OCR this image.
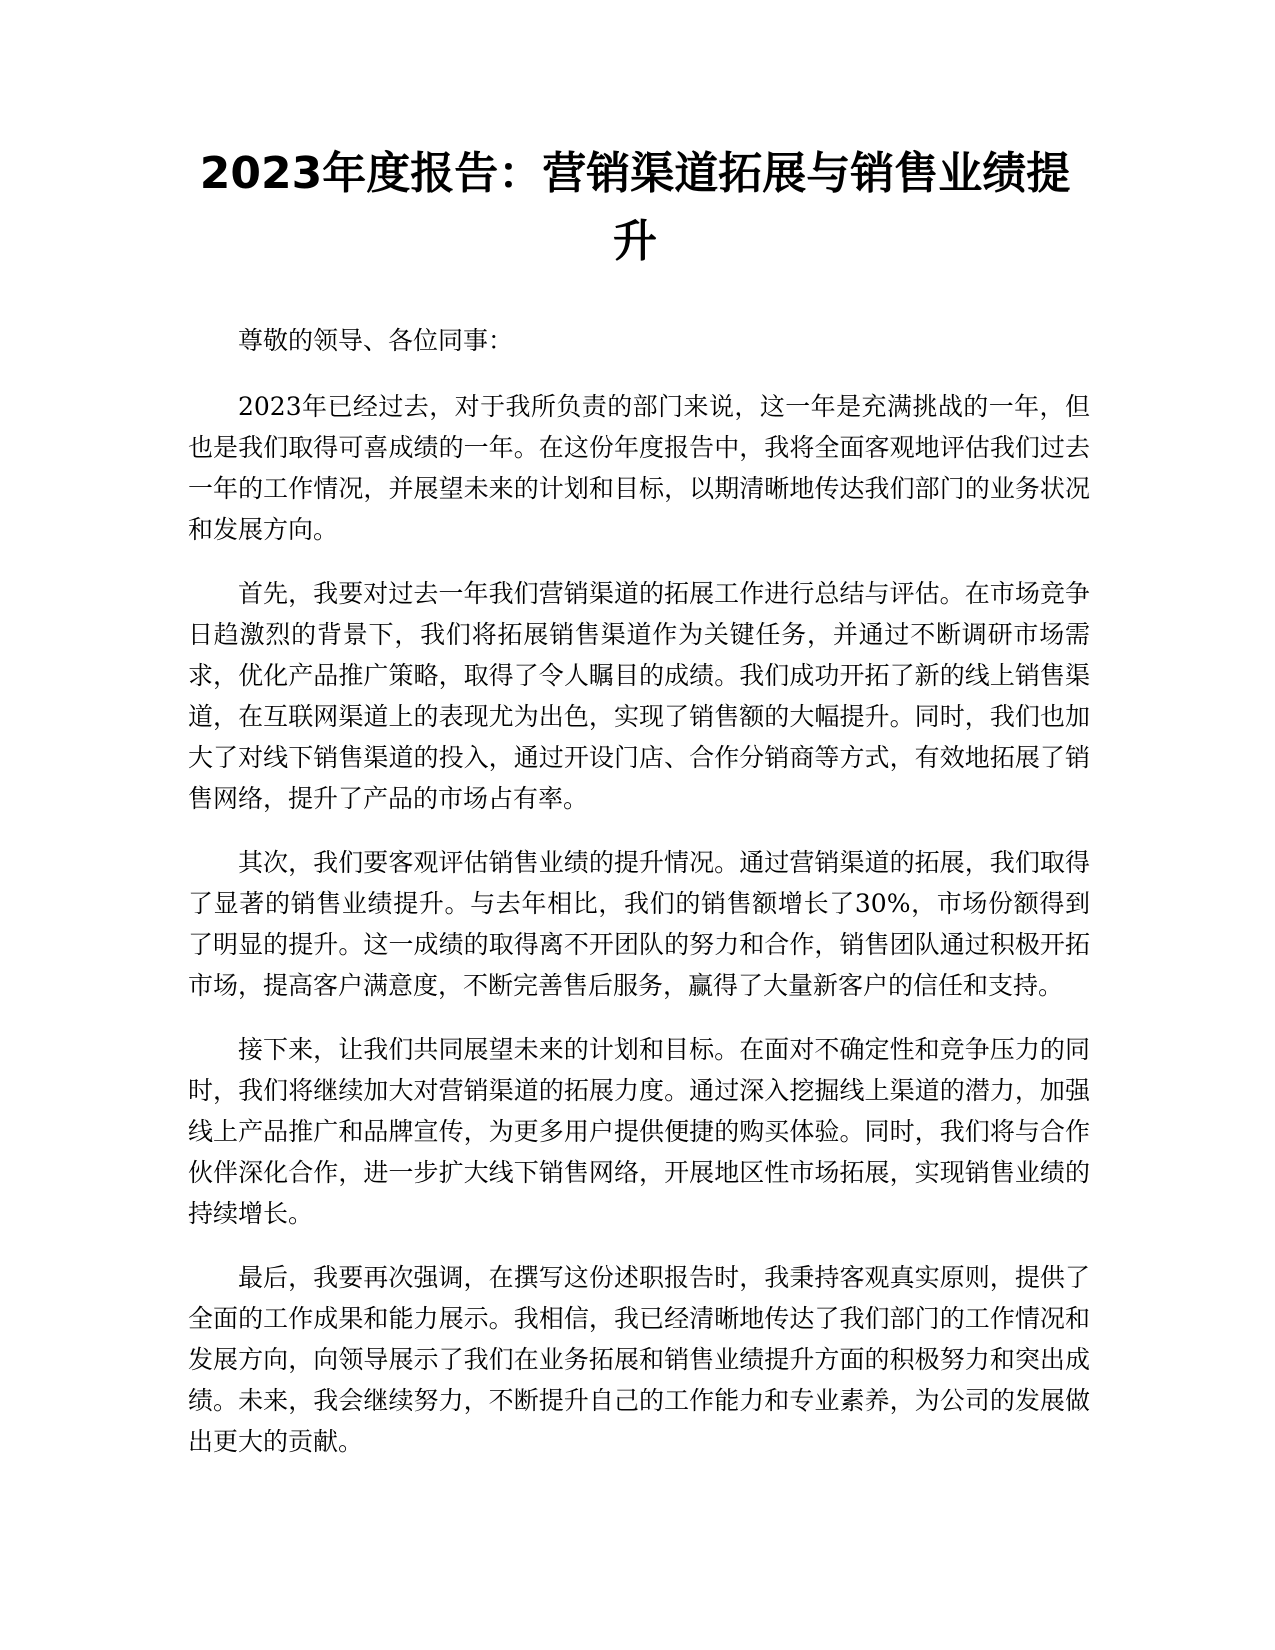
2023年度报告：营销渠道拓展与销售业绩提升

尊敬的领导、各位同事：

2023年已经过去，对于我所负责的部门来说，这一年是充满挑战的一年，但也是我们取得可喜成绩的一年。在这份年度报告中，我将全面客观地评估我们过去一年的工作情况，并展望未来的计划和目标，以期清晰地传达我们部门的业务状况和发展方向。

首先，我要对过去一年我们营销渠道的拓展工作进行总结与评估。在市场竞争日趋激烈的背景下，我们将拓展销售渠道作为关键任务，并通过不断调研市场需求，优化产品推广策略，取得了令人瞩目的成绩。我们成功开拓了新的线上销售渠道，在互联网渠道上的表现尤为出色，实现了销售额的大幅提升。同时，我们也加大了对线下销售渠道的投入，通过开设门店、合作分销商等方式，有效地拓展了销售网络，提升了产品的市场占有率。

其次，我们要客观评估销售业绩的提升情况。通过营销渠道的拓展，我们取得了显著的销售业绩提升。与去年相比，我们的销售额增长了30%，市场份额得到了明显的提升。这一成绩的取得离不开团队的努力和合作，销售团队通过积极开拓市场，提高客户满意度，不断完善售后服务，赢得了大量新客户的信任和支持。

接下来，让我们共同展望未来的计划和目标。在面对不确定性和竞争压力的同时，我们将继续加大对营销渠道的拓展力度。通过深入挖掘线上渠道的潜力，加强线上产品推广和品牌宣传，为更多用户提供便捷的购买体验。同时，我们将与合作伙伴深化合作，进一步扩大线下销售网络，开展地区性市场拓展，实现销售业绩的持续增长。

最后，我要再次强调，在撰写这份述职报告时，我秉持客观真实原则，提供了全面的工作成果和能力展示。我相信，我已经清晰地传达了我们部门的工作情况和发展方向，向领导展示了我们在业务拓展和销售业绩提升方面的积极努力和突出成绩。未来，我会继续努力，不断提升自己的工作能力和专业素养，为公司的发展做出更大的贡献。
